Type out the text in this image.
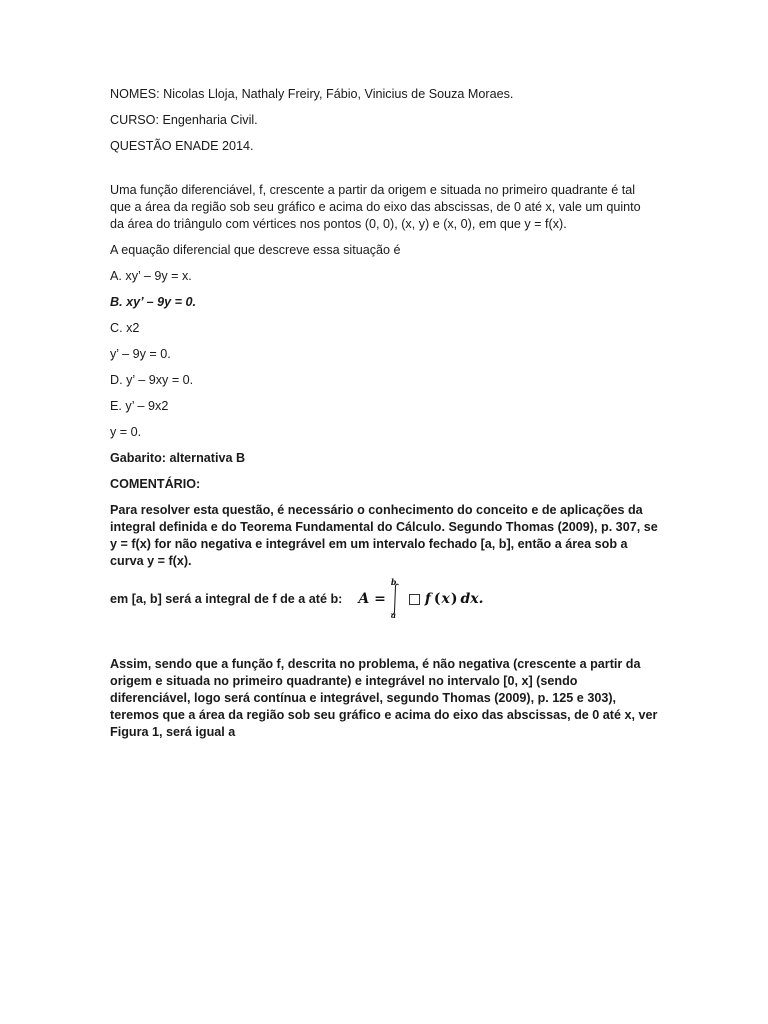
NOMES: Nicolas Lloja, Nathaly Freiry, Fábio, Vinicius de Souza Moraes.

CURSO: Engenharia Civil.

QUESTÃO ENADE 2014.

Uma função diferenciável, f, crescente a partir da origem e situada no primeiro quadrante é tal que a área da região sob seu gráfico e acima do eixo das abscissas, de 0 até x, vale um quinto da área do triângulo com vértices nos pontos (0, 0), (x, y) e (x, 0), em que y = f(x).

A equação diferencial que descreve essa situação é

A. xy’ – 9y = x.

B. xy’ – 9y = 0.

C. x2

y’ – 9y = 0.

D. y’ – 9xy = 0.

E. y’ – 9x2

y = 0.

Gabarito: alternativa B

COMENTÁRIO:

Para resolver esta questão, é necessário o conhecimento do conceito e de aplicações da integral definida e do Teorema Fundamental do Cálculo. Segundo Thomas (2009), p. 307, se y = f(x) for não negativa e integrável em um intervalo fechado [a, b], então a área sob a curva y = f(x).

em [a, b] será a integral de f de a até b: A =
b
a
f ( x ) dx.

Assim, sendo que a função f, descrita no problema, é não negativa (crescente a partir da origem e situada no primeiro quadrante) e integrável no intervalo [0, x] (sendo diferenciável, logo será contínua e integrável, segundo Thomas (2009), p. 125 e 303), teremos que a área da região sob seu gráfico e acima do eixo das abscissas, de 0 até x, ver Figura 1, será igual a
